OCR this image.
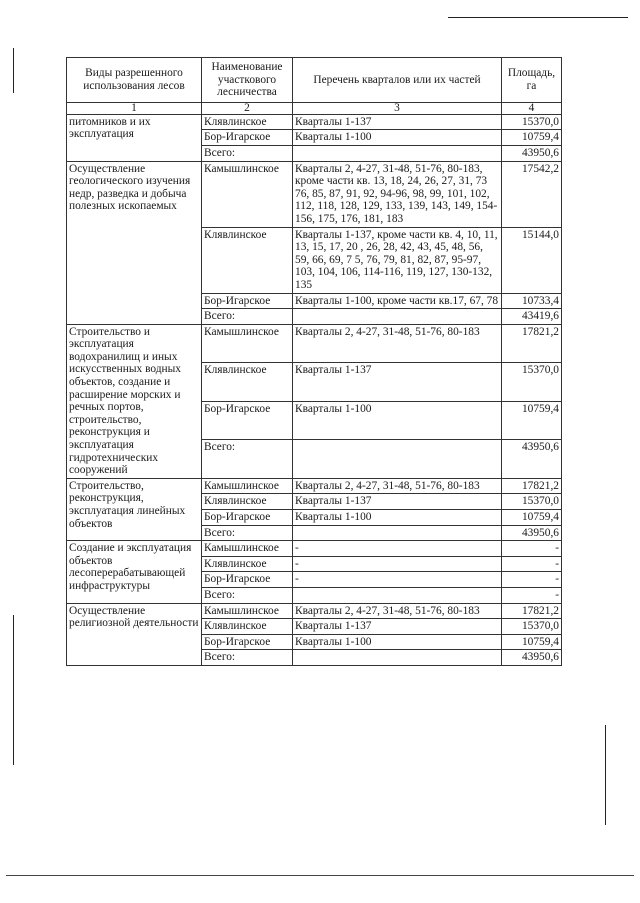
Виды разрешенного использования лесов	Наименование участкового лесничества	Перечень кварталов или их частей	Площадь, га
1	2	3	4
питомников и их эксплуатация	Клявлинское	Кварталы 1-137	15370,0
	Бор-Игарское	Кварталы 1-100	10759,4
	Всего:		43950,6
Осуществление геологического изучения недр, разведка и добыча полезных ископаемых	Камышлинское	Кварталы 2, 4-27, 31-48, 51-76, 80-183, кроме части кв. 13, 18, 24, 26, 27, 31, 73 76, 85, 87, 91, 92, 94-96, 98, 99, 101, 102, 112, 118, 128, 129, 133, 139, 143, 149, 154-156, 175, 176, 181, 183	17542,2
	Клявлинское	Кварталы 1-137, кроме части кв. 4, 10, 11, 13, 15, 17, 20 , 26, 28, 42, 43, 45, 48, 56, 59, 66, 69, 7 5, 76, 79, 81, 82, 87, 95-97, 103, 104, 106, 114-116, 119, 127, 130-132, 135	15144,0
	Бор-Игарское	Кварталы 1-100, кроме части кв.17, 67, 78	10733,4
	Всего:		43419,6
Строительство и эксплуатация водохранилищ и иных искусственных водных объектов, создание и расширение морских и речных портов, строительство, реконструкция и эксплуатация гидротехнических сооружений	Камышлинское	Кварталы 2, 4-27, 31-48, 51-76, 80-183	17821,2
	Клявлинское	Кварталы 1-137	15370,0
	Бор-Игарское	Кварталы 1-100	10759,4
	Всего:		43950,6
Строительство, реконструкция, эксплуатация линейных объектов	Камышлинское	Кварталы 2, 4-27, 31-48, 51-76, 80-183	17821,2
	Клявлинское	Кварталы 1-137	15370,0
	Бор-Игарское	Кварталы 1-100	10759,4
	Всего:		43950,6
Создание и эксплуатация объектов лесоперерабатывающей инфраструктуры	Камышлинское	-	-
	Клявлинское	-	-
	Бор-Игарское	-	-
	Всего:		-
Осуществление религиозной деятельности	Камышлинское	Кварталы 2, 4-27, 31-48, 51-76, 80-183	17821,2
	Клявлинское	Кварталы 1-137	15370,0
	Бор-Игарское	Кварталы 1-100	10759,4
	Всего:		43950,6
